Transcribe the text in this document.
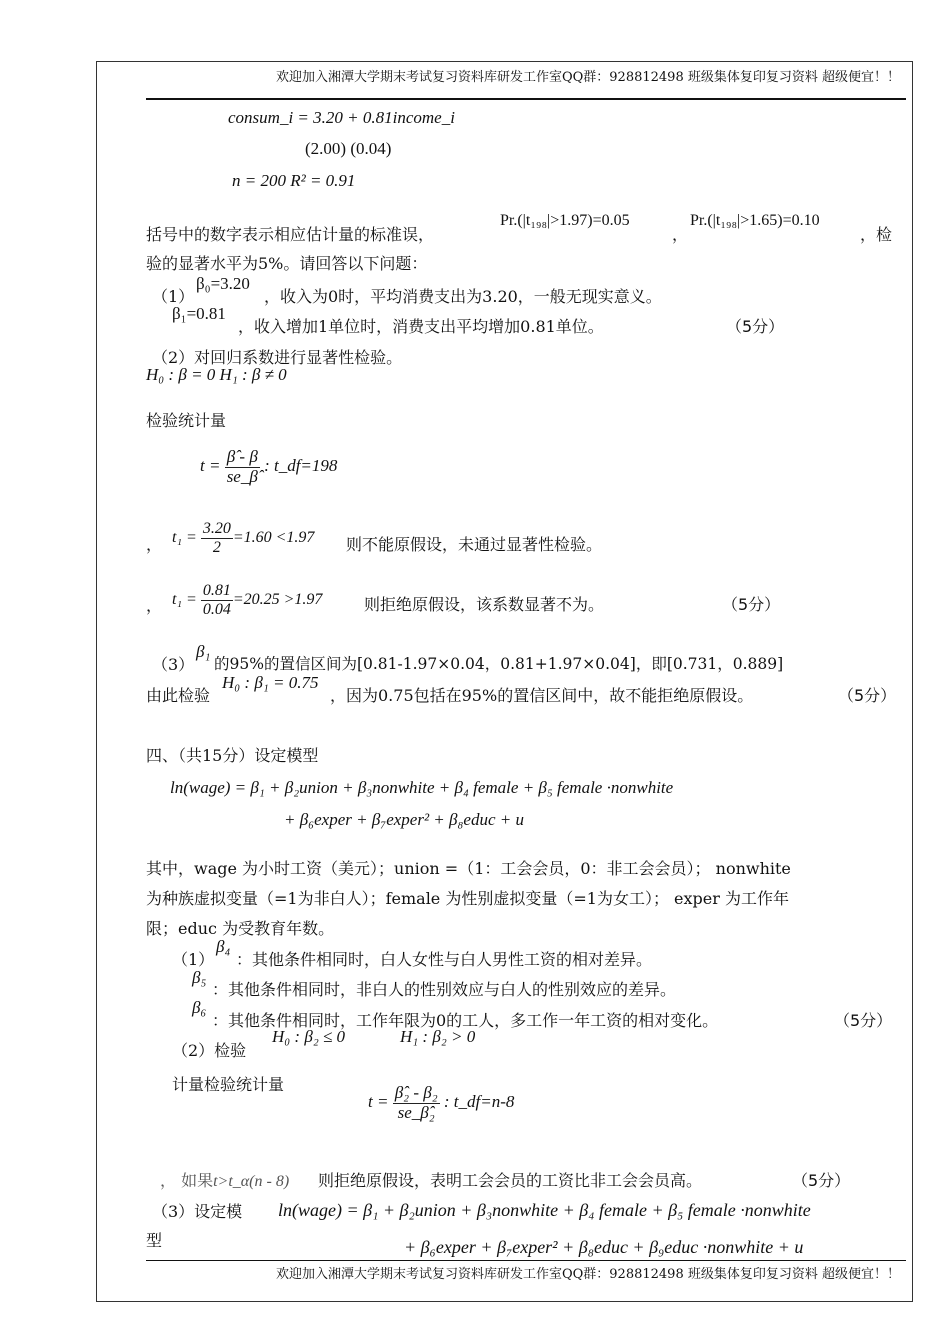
欢迎加入湘潭大学期末考试复习资料库研发工作室QQ群：928812498 班级集体复印复习资料 超级便宜！！
consum_i = 3.20 + 0.81income_i
(2.00) (0.04)
n = 200 R² = 0.91
括号中的数字表示相应估计量的标准误，
Pr.(|t₁₉₈|>1.97)=0.05
，
Pr.(|t₁₉₈|>1.65)=0.10
，检
验的显著水平为5%。请回答以下问题：
（1）
β₀=3.20
，收入为0时，平均消费支出为3.20，一般无现实意义。
β₁=0.81
，收入增加1单位时，消费支出平均增加0.81单位。	（5分）
（2）对回归系数进行显著性检验。
H₀ : β = 0 H₁ : β ≠ 0
检验统计量
$t = \frac{\betâ - \beta}{se\_\betâ}$ : t_df=198
， $t_1 = \frac{3.20}{2} =1.60 <1.97$ 则不能原假设，未通过显著性检验。
， $t_1 = \frac{0.81}{0.04} =20.25 >1.97$	则拒绝原假设，该系数显著不为。	（5分）
（3）
β₁
的95%的置信区间为[0.81-1.97×0.04，0.81+1.97×0.04]，即[0.731，0.889]
由此检验
H₀ : β₁ = 0.75
，因为0.75包括在95%的置信区间中，故不能拒绝原假设。	（5分）
四、（共15分）设定模型
ln(wage) = β₁ + β₂union + β₃nonwhite + β₄ female + β₅ female ·nonwhite
+ β₆exper + β₇exper² + β₈educ + u
其中，wage 为小时工资（美元）；union =（1：工会会员，0：非工会会员）； nonwhite
为种族虚拟变量（=1为非白人）；female 为性别虚拟变量（=1为女工）； exper 为工作年
限；educ 为受教育年数。
（1）
β₄
：其他条件相同时，白人女性与白人男性工资的相对差异。
β₅
：其他条件相同时，非白人的性别效应与白人的性别效应的差异。
β₆
：其他条件相同时，工作年限为0的工人，多工作一年工资的相对变化。	（5分）
（2）检验
H₀ : β₂ ≤ 0	H₁ : β₂ > 0
计量检验统计量
$t = \frac{\text{β̂₂ - β₂}}{\text{se\_β̂₂}}$ : t_df=n-8
， 如果t>t_α(n - 8) 则拒绝原假设，表明工会会员的工资比非工会会员高。	（5分）
（3）设定模
型
ln(wage) = β₁ + β₂union + β₃nonwhite + β₄ female + β₅ female ·nonwhite
+ β₆exper + β₇exper² + β₈educ + β₉educ ·nonwhite + u
欢迎加入湘潭大学期末考试复习资料库研发工作室QQ群：928812498 班级集体复印复习资料 超级便宜！！
